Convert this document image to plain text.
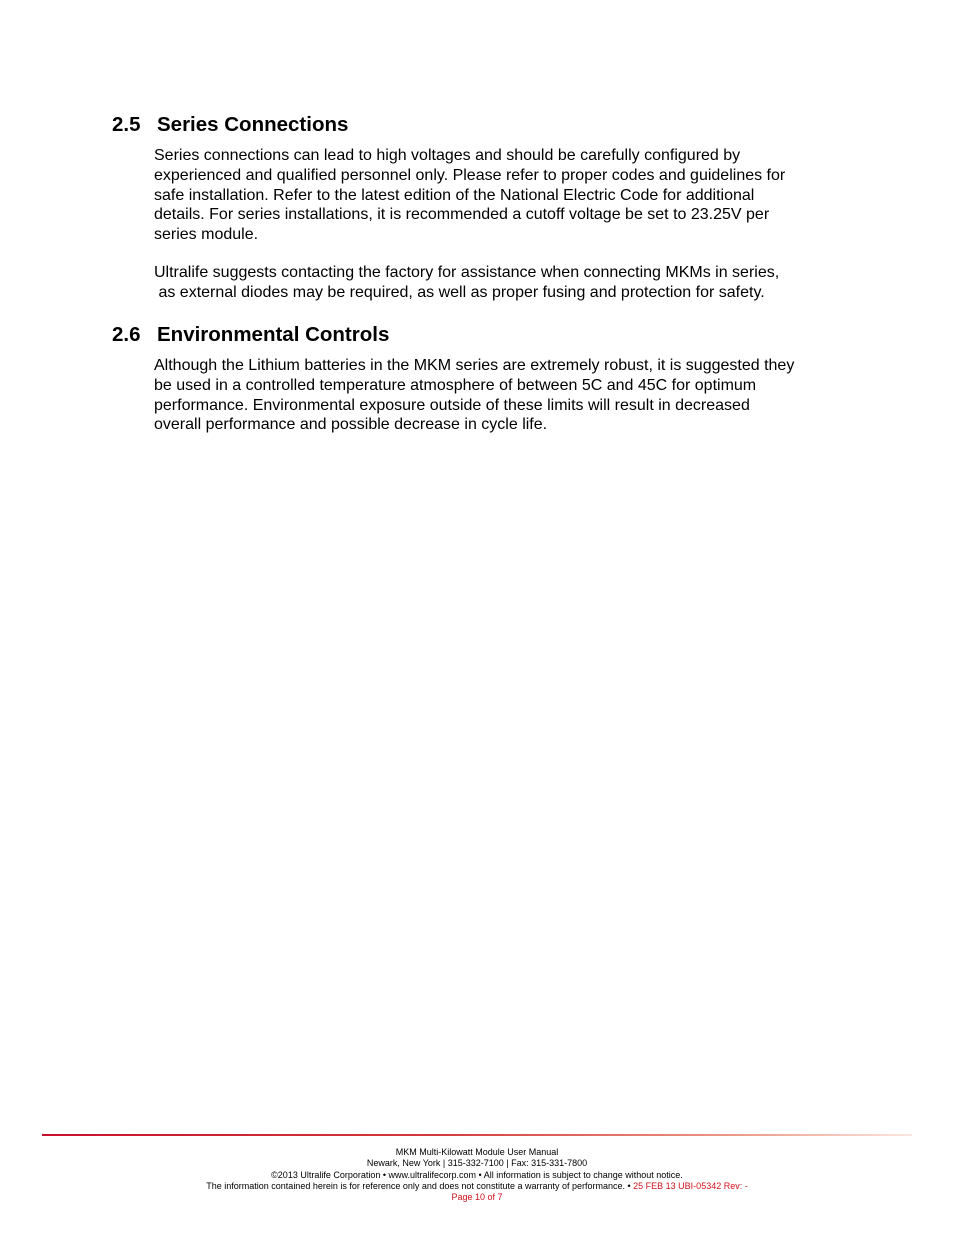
2.5 Series Connections

Series connections can lead to high voltages and should be carefully configured by
experienced and qualified personnel only. Please refer to proper codes and guidelines for
safe installation. Refer to the latest edition of the National Electric Code for additional
details. For series installations, it is recommended a cutoff voltage be set to 23.25V per
series module.

Ultralife suggests contacting the factory for assistance when connecting MKMs in series,
as external diodes may be required, as well as proper fusing and protection for safety.

2.6 Environmental Controls

Although the Lithium batteries in the MKM series are extremely robust, it is suggested they
be used in a controlled temperature atmosphere of between 5C and 45C for optimum
performance. Environmental exposure outside of these limits will result in decreased
overall performance and possible decrease in cycle life.

MKM Multi-Kilowatt Module User Manual
Newark, New York | 315-332-7100 | Fax: 315-331-7800
©2013 Ultralife Corporation • www.ultralifecorp.com • All information is subject to change without notice.
The information contained herein is for reference only and does not constitute a warranty of performance. • 25 FEB 13 UBI-05342 Rev: -
Page 10 of 7
